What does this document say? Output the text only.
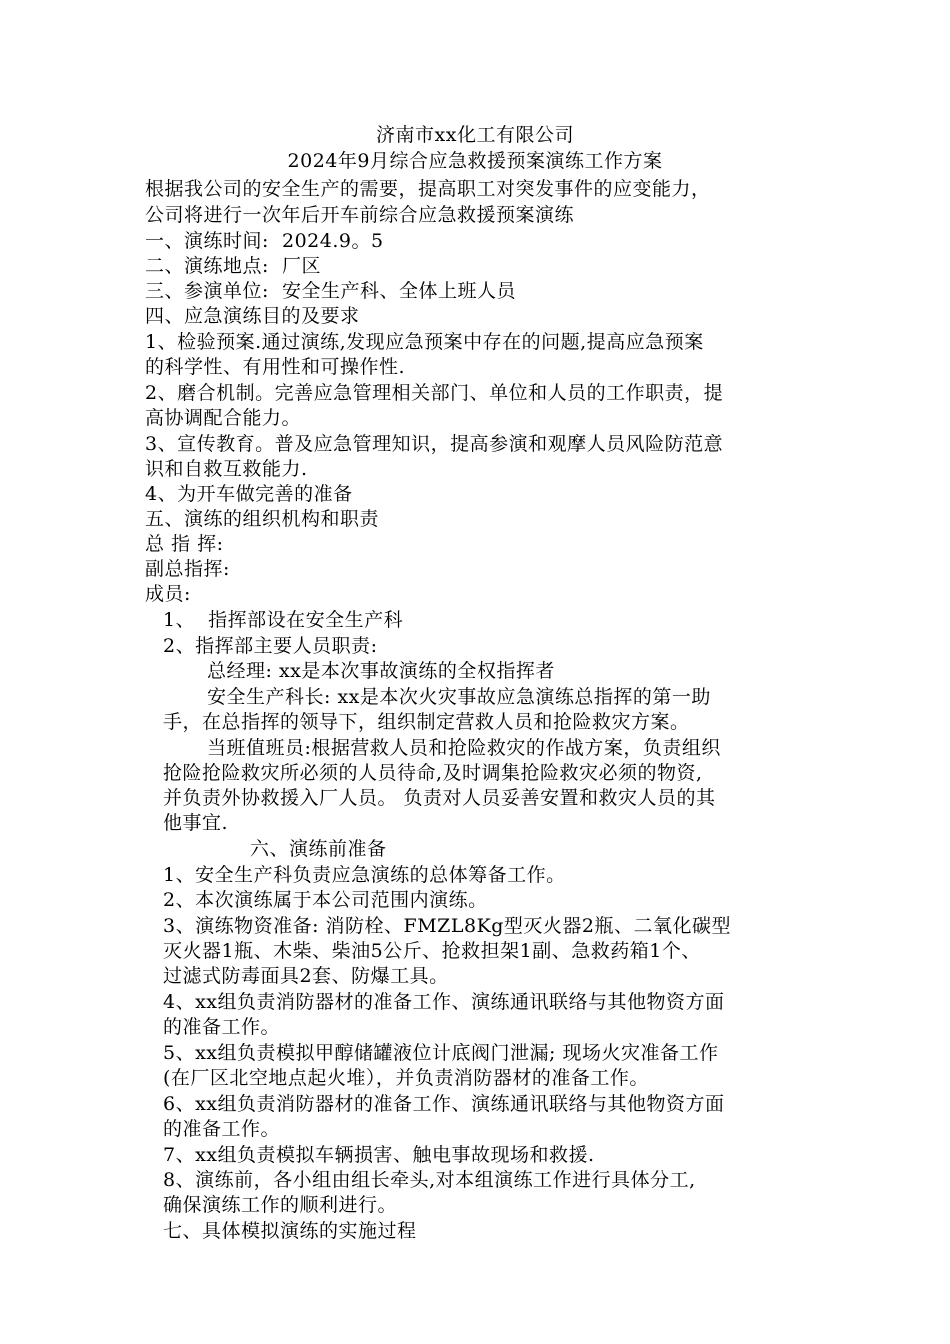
济南市xx化工有限公司
2024年9月综合应急救援预案演练工作方案
根据我公司的安全生产的需要，提高职工对突发事件的应变能力，
公司将进行一次年后开车前综合应急救援预案演练
一、演练时间:  2024.9。5
二、演练地点:  厂区
三、参演单位:  安全生产科、全体上班人员
四、应急演练目的及要求
1、检验预案.通过演练,发现应急预案中存在的问题,提高应急预案
的科学性、有用性和可操作性.
2、磨合机制。完善应急管理相关部门、单位和人员的工作职责，提
高协调配合能力。
3、宣传教育。普及应急管理知识，提高参演和观摩人员风险防范意
识和自救互救能力.
4、为开车做完善的准备
五、演练的组织机构和职责
总 指 挥:
副总指挥:
成员:
1、  指挥部设在安全生产科
2、指挥部主要人员职责:
总经理: xx是本次事故演练的全权指挥者
安全生产科长: xx是本次火灾事故应急演练总指挥的第一助
手，在总指挥的领导下，组织制定营救人员和抢险救灾方案。
当班值班员:根据营救人员和抢险救灾的作战方案，负责组织
抢险抢险救灾所必须的人员待命,及时调集抢险救灾必须的物资,
并负责外协救援入厂人员。 负责对人员妥善安置和救灾人员的其
他事宜.
六、演练前准备
1、安全生产科负责应急演练的总体筹备工作。
2、本次演练属于本公司范围内演练。
3、演练物资准备: 消防栓、FMZL8Kg型灭火器2瓶、二氧化碳型
灭火器1瓶、木柴、柴油5公斤、抢救担架1副、急救药箱1个、
过滤式防毒面具2套、防爆工具。
4、xx组负责消防器材的准备工作、演练通讯联络与其他物资方面
的准备工作。
5、xx组负责模拟甲醇储罐液位计底阀门泄漏; 现场火灾准备工作
(在厂区北空地点起火堆），并负责消防器材的准备工作。
6、xx组负责消防器材的准备工作、演练通讯联络与其他物资方面
的准备工作。
7、xx组负责模拟车辆损害、触电事故现场和救援.
8、演练前，各小组由组长牵头,对本组演练工作进行具体分工,
确保演练工作的顺利进行。
七、具体模拟演练的实施过程
